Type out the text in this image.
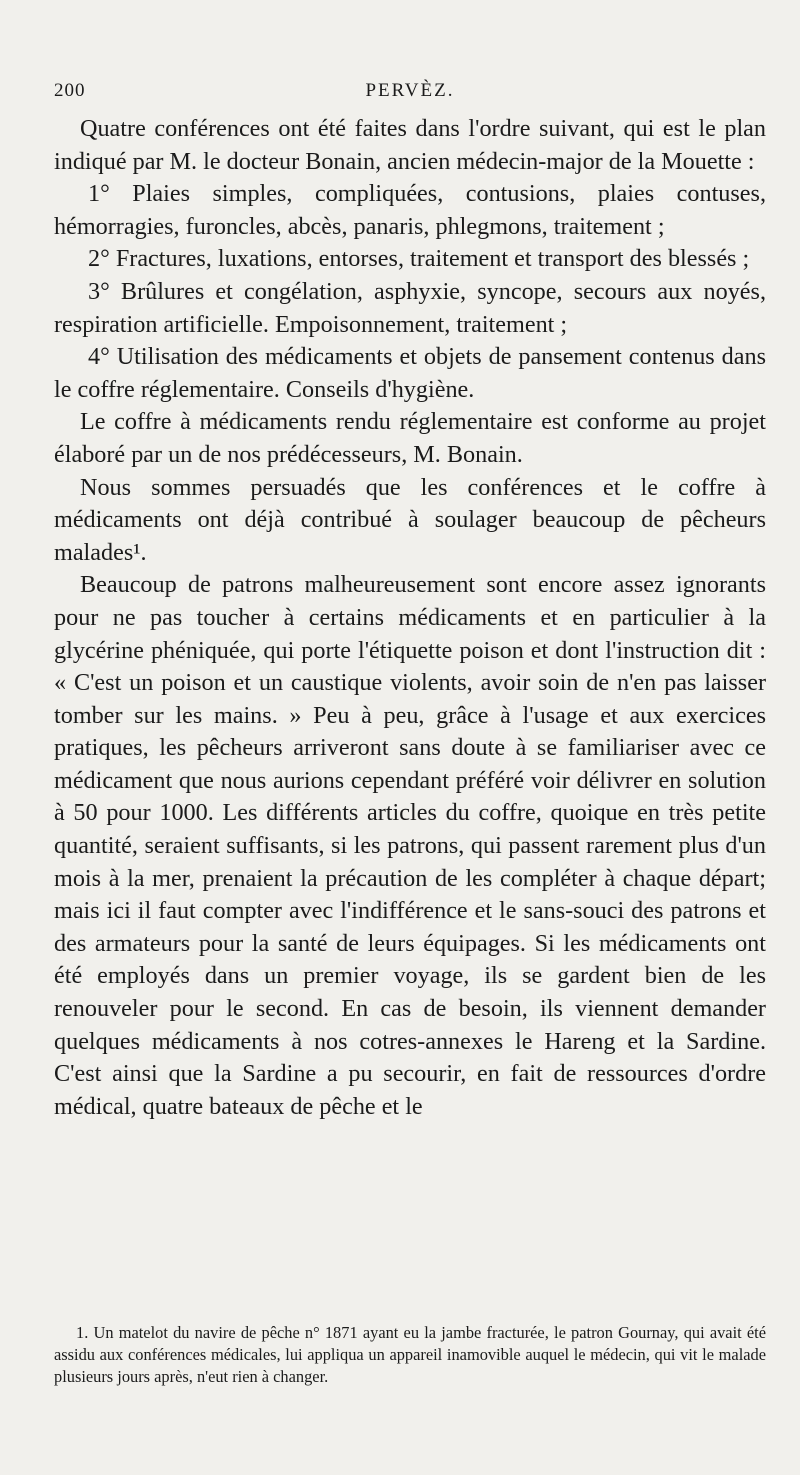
200	PERVÈZ.

Quatre conférences ont été faites dans l'ordre suivant, qui est le plan indiqué par M. le docteur Bonain, ancien médecin-major de la Mouette :

1° Plaies simples, compliquées, contusions, plaies contuses, hémorragies, furoncles, abcès, panaris, phlegmons, traitement ;

2° Fractures, luxations, entorses, traitement et transport des blessés ;

3° Brûlures et congélation, asphyxie, syncope, secours aux noyés, respiration artificielle. Empoisonnement, traitement ;

4° Utilisation des médicaments et objets de pansement contenus dans le coffre réglementaire. Conseils d'hygiène.

Le coffre à médicaments rendu réglementaire est conforme au projet élaboré par un de nos prédécesseurs, M. Bonain.

Nous sommes persuadés que les conférences et le coffre à médicaments ont déjà contribué à soulager beaucoup de pêcheurs malades¹.

Beaucoup de patrons malheureusement sont encore assez ignorants pour ne pas toucher à certains médicaments et en particulier à la glycérine phéniquée, qui porte l'étiquette poison et dont l'instruction dit : « C'est un poison et un caustique violents, avoir soin de n'en pas laisser tomber sur les mains. » Peu à peu, grâce à l'usage et aux exercices pratiques, les pêcheurs arriveront sans doute à se familiariser avec ce médicament que nous aurions cependant préféré voir délivrer en solution à 50 pour 1000. Les différents articles du coffre, quoique en très petite quantité, seraient suffisants, si les patrons, qui passent rarement plus d'un mois à la mer, prenaient la précaution de les compléter à chaque départ; mais ici il faut compter avec l'indifférence et le sans-souci des patrons et des armateurs pour la santé de leurs équipages. Si les médicaments ont été employés dans un premier voyage, ils se gardent bien de les renouveler pour le second. En cas de besoin, ils viennent demander quelques médicaments à nos cotres-annexes le Hareng et la Sardine. C'est ainsi que la Sardine a pu secourir, en fait de ressources d'ordre médical, quatre bateaux de pêche et le

1. Un matelot du navire de pêche n° 1871 ayant eu la jambe fracturée, le patron Gournay, qui avait été assidu aux conférences médicales, lui appliqua un appareil inamovible auquel le médecin, qui vit le malade plusieurs jours après, n'eut rien à changer.
